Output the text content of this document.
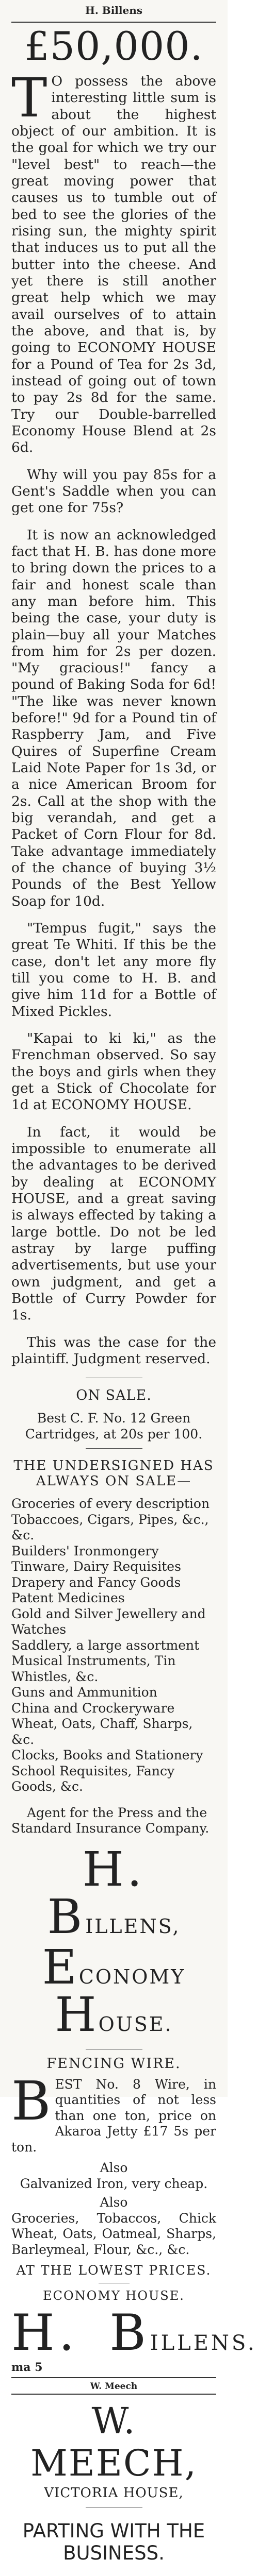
H. Billens
£50,000.

T O possess the above interesting little sum is about the highest object of our ambition. It is the goal for which we try our "level best" to reach—the great moving power that causes us to tumble out of bed to see the glories of the rising sun, the mighty spirit that induces us to put all the butter into the cheese. And yet there is still another great help which we may avail ourselves of to attain the above, and that is, by going to ECONOMY HOUSE for a Pound of Tea for 2s 3d, instead of going out of town to pay 2s 8d for the same. Try our Double-barrelled Economy House Blend at 2s 6d.

Why will you pay 85s for a Gent's Saddle when you can get one for 75s?

It is now an acknowledged fact that H. B. has done more to bring down the prices to a fair and honest scale than any man before him. This being the case, your duty is plain—buy all your Matches from him for 2s per dozen. "My gracious!" fancy a pound of Baking Soda for 6d! "The like was never known before!" 9d for a Pound tin of Raspberry Jam, and Five Quires of Superfine Cream Laid Note Paper for 1s 3d, or a nice American Broom for 2s. Call at the shop with the big verandah, and get a Packet of Corn Flour for 8d. Take advantage immediately of the chance of buying 3½ Pounds of the Best Yellow Soap for 10d.

"Tempus fugit," says the great Te Whiti. If this be the case, don't let any more fly till you come to H. B. and give him 11d for a Bottle of Mixed Pickles.

"Kapai to ki ki," as the Frenchman observed. So say the boys and girls when they get a Stick of Chocolate for 1d at ECONOMY HOUSE.

In fact, it would be impossible to enumerate all the advantages to be derived by dealing at ECONOMY HOUSE, and a great saving is always effected by taking a large bottle. Do not be led astray by large puffing advertisements, but use your own judgment, and get a Bottle of Curry Powder for 1s.

This was the case for the plaintiff. Judgment reserved.

ON SALE.
Best C. F. No. 12 Green Cartridges, at 20s per 100.
THE UNDERSIGNED HAS ALWAYS ON SALE—
Groceries of every description
Tobaccoes, Cigars, Pipes, &c., &c.
Builders' Ironmongery
Tinware, Dairy Requisites
Drapery and Fancy Goods
Patent Medicines
Gold and Silver Jewellery and Watches
Saddlery, a large assortment
Musical Instruments, Tin Whistles, &c.
Guns and Ammunition
China and Crockeryware
Wheat, Oats, Chaff, Sharps, &c.
Clocks, Books and Stationery
School Requisites, Fancy Goods, &c.
Agent for the Press and the Standard Insurance Company.
H. BILLENS,
ECONOMY HOUSE.
FENCING WIRE.
BEST No. 8 Wire, in quantities of not less than one ton, price on Akaroa Jetty £17 5s per ton.
Also
Galvanized Iron, very cheap.
Also
Groceries, Tobaccos, Chick Wheat, Oats, Oatmeal, Sharps, Barleymeal, Flour, &c., &c.
AT THE LOWEST PRICES.
ECONOMY HOUSE.
H. B ILLENS.
ma 5
W. Meech
W. MEECH,
VICTORIA HOUSE,
PARTING WITH THE BUSINESS.
